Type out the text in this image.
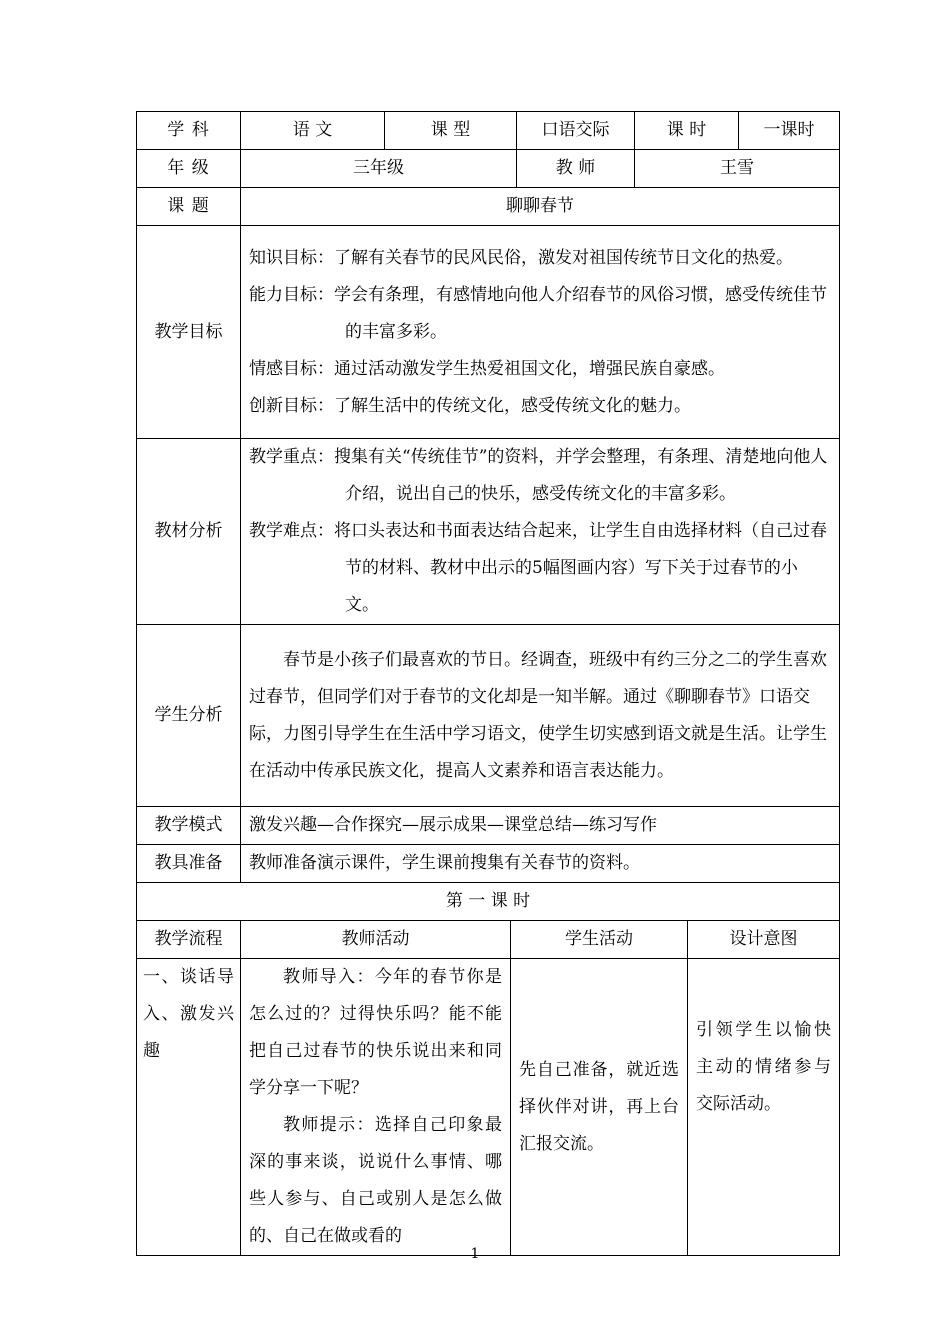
学 科	语 文	课 型		口语交际	课 时		一课时
年 级	三年级			教 师	王雪		
课 题	聊聊春节						
教学目标	知识目标：了解有关春节的民风民俗，激发对祖国传统节日文化的热爱。

能力目标：学会有条理，有感情地向他人介绍春节的风俗习惯，感受传统佳节的丰富多彩。

情感目标：通过活动激发学生热爱祖国文化，增强民族自豪感。

创新目标：了解生活中的传统文化，感受传统文化的魅力。						

教材分析	教学重点：搜集有关“传统佳节”的资料，并学会整理，有条理、清楚地向他人介绍，说出自己的快乐，感受传统文化的丰富多彩。

教学难点：将口头表达和书面表达结合起来，让学生自由选择材料（自己过春节的材料、教材中出示的5幅图画内容）写下关于过春节的小文。						

学生分析	春节是小孩子们最喜欢的节日。经调查，班级中有约三分之二的学生喜欢过春节，但同学们对于春节的文化却是一知半解。通过《聊聊春节》口语交际，力图引导学生在生活中学习语文，使学生切实感到语文就是生活。让学生在活动中传承民族文化，提高人文素养和语言表达能力。						

教学模式	激发兴趣—合作探究—展示成果—课堂总结—练习写作						
教具准备	教师准备演示课件，学生课前搜集有关春节的资料。						
第 一 课 时							
教学流程	教师活动		学生活动			设计意图	

一、谈话导入、激发兴趣	教师导入：今年的春节你是怎么过的？过得快乐吗？能不能把自己过春节的快乐说出来和同学分享一下呢？

教师提示：选择自己印象最深的事来谈，说说什么事情、哪些人参与、自己或别人是怎么做的、自己在做或看的		先自己准备，就近选择伙伴对讲，再上台汇报交流。			引领学生以愉快主动的情绪参与交际活动。	

1
